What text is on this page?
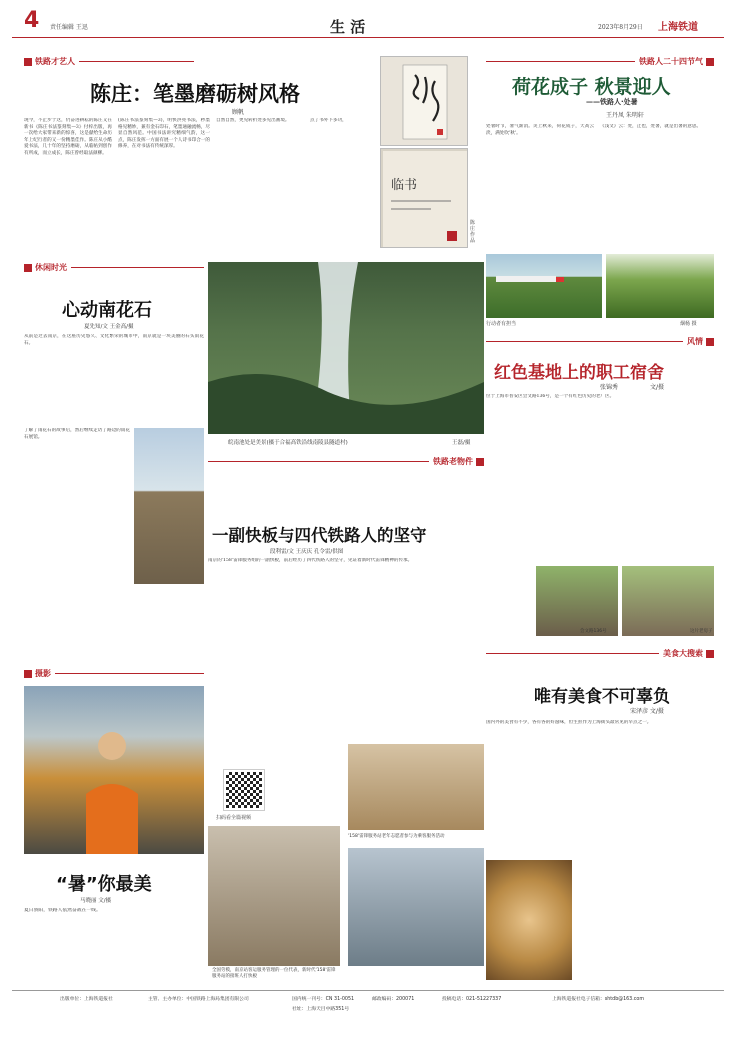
4 责任编辑 王迅	生 活	2023年8月29日 上海铁道
铁路才艺人
陈庄：笔墨磨砺树风格
顾帆
现今，不止步于这，仍奋进耕耘的陈庄又在新书《陈庄书法篆刻集—3》付梓出版，再一次给大家带来新的惊喜，这是献给生命历年上纪行者的又一份精墨佳作。陈庄从小酷爱书法，几十年的坚持磨砺，从临帖到创作有所成，而立成长，陈庄曾经取法颜柳。
(陈庄书法篆刻集—3)，明快洪亮书法，秒墨格见精妙，兼有金石印石，笔墨通融流畅，尽显自然风范。中国书法讲究精细气韵，这一点，陈庄发挥一方面有展一个人诗书印合一的修养，在对书法有传统深厚。
自然自然，更见转折处多见出画境。	点了书外下多功，
临书
陈庄作品
铁路人二十四节气
荷花成子 秋景迎人
——铁路人·处暑
王丹凤 朱明轩
处暑时节，暑气渐消。炎上秋来，荷花成子，天高云淡，满处吹'秋'。
《浅文》云：处，止也，处暑，就是出暑的意思。
行动者有担当	烟杨 摄
休闲时光
心动南花石
夏先知/文 王金高/摄
从前是过去南京，在这座历史悠久、文化繁荣的城市中，南京就是一块美丽的石头雨花石。
了解了雨花石的故事后，然后继续走访了路边的雨花石展馆。
皖南池处是美景(摄于合福高铁沿线南陵县隧道村)	王磊/摄
铁路老物件
一副快板与四代铁路人的坚守
段利雷/文 王庆庆 孔令雷/供图
南京的'158'雷锋服务组的一副快板，前后经历了四代铁路人的坚守，见证着新时代雷锋精神的传承。
扫码看全篇视频
全国劳模，南京站客运服务管理的一位代表，新时代'158'雷锋服务站的接班人打快板
'158'雷锋服务站老年志愿者参与为乘客服务活动
风情
红色基地上的职工宿舍
张锦秀	文/摄
位于上海市普安区会文路136号，是一个有红色历史的老厂区。
会文路136号	这片老房子
摄影
“暑”你最美
马晓丽 文/摄
夏日骄阳，铁路人依然奋战在一线。
美食大搜索
唯有美食不可辜负
宋泽彦 文/摄
国内外的美食有不少，各有各的好滋味，但生煎作为上海街头最常见的早点之一。
出版单位：上海铁道报社	主管、主办单位：中国铁路上海局集团有限公司	国内统一刊号：CN 31-0051	邮政编码：200071
社址：上海天目中路351号
投稿电话：021-51227337	上海铁道报社电子信箱：shtdb@163.com
